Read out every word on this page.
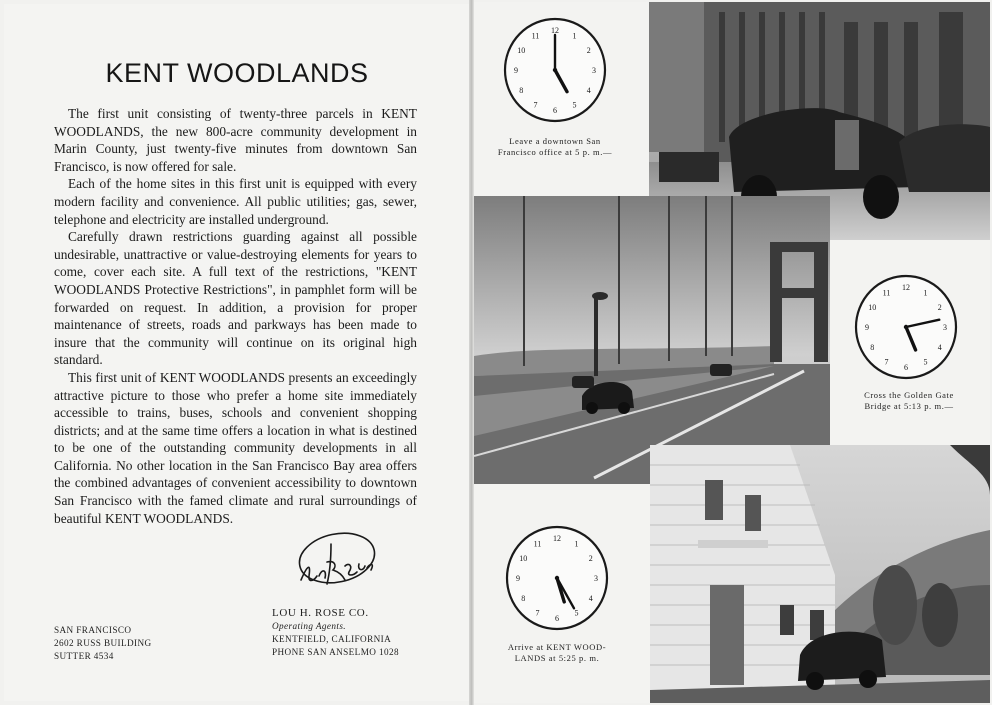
KENT WOODLANDS

The first unit consisting of twenty-three parcels in KENT WOODLANDS, the new 800-acre community development in Marin County, just twenty-five minutes from downtown San Francisco, is now offered for sale.

Each of the home sites in this first unit is equipped with every modern facility and convenience. All public utilities; gas, sewer, telephone and electricity are installed underground.

Carefully drawn restrictions guarding against all possible undesirable, unattractive or value-destroying elements for years to come, cover each site. A full text of the restrictions, "KENT WOODLANDS Protective Restrictions", in pamphlet form will be forwarded on request. In addition, a provision for proper maintenance of streets, roads and parkways has been made to insure that the community will continue on its original high standard.

This first unit of KENT WOODLANDS presents an exceedingly attractive picture to those who prefer a home site immediately accessible to trains, buses, schools and convenient shopping districts; and at the same time offers a location in what is destined to be one of the outstanding community developments in all California. No other location in the San Francisco Bay area offers the combined advantages of convenient accessibility to downtown San Francisco with the famed climate and rural surroundings of beautiful KENT WOODLANDS.

SAN FRANCISCO
2602 RUSS BUILDING
SUTTER 4534
LOU H. ROSE CO.
Operating Agents.
KENTFIELD, CALIFORNIA
PHONE SAN ANSELMO 1028
12
1
2
3
4
5
6
7
8
9
10
11
Leave a downtown San
Francisco office at 5 p. m.—
12
1
2
3
4
5
6
7
8
9
10
11
Cross the Golden Gate
Bridge at 5:13 p. m.—
12
1
2
3
4
5
6
7
8
9
10
11
Arrive at KENT WOOD-
LANDS at 5:25 p. m.
